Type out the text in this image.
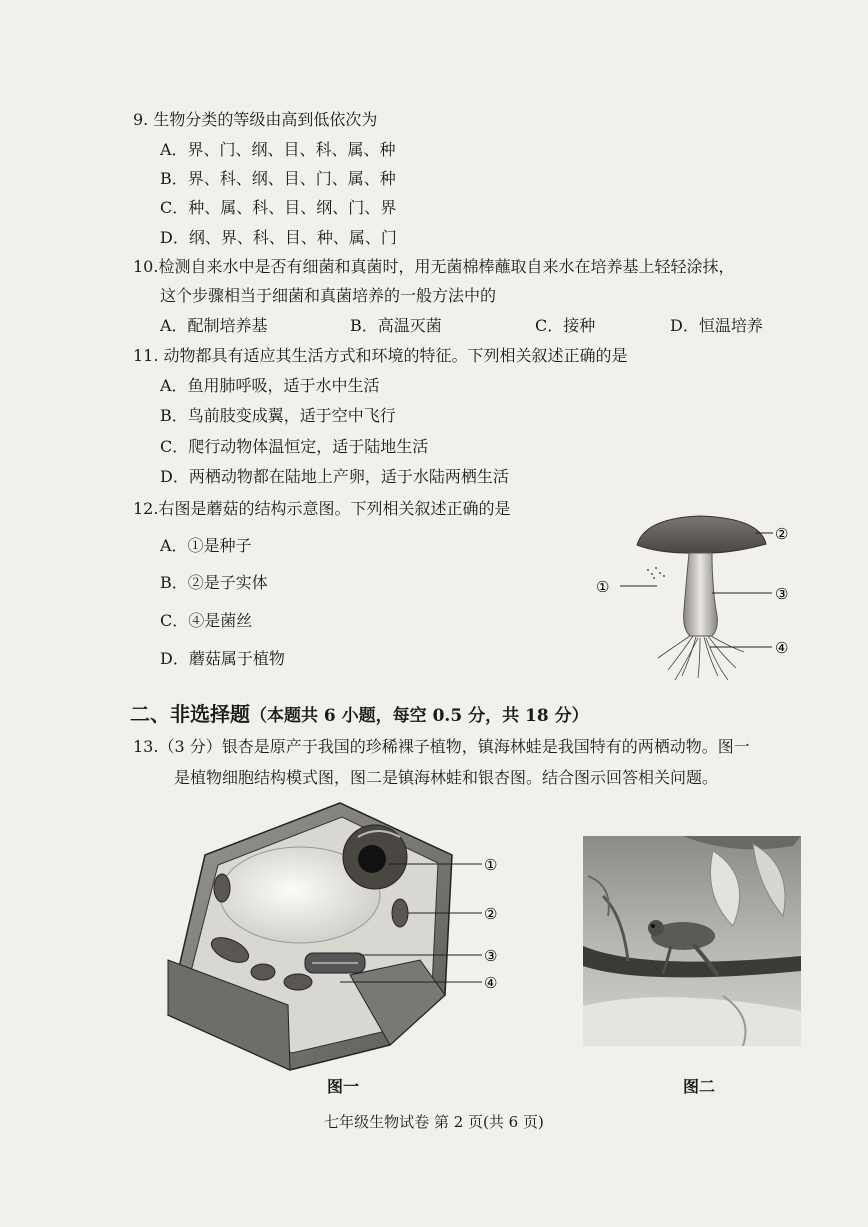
9. 生物分类的等级由高到低依次为
A．界、门、纲、目、科、属、种
B．界、科、纲、目、门、属、种
C．种、属、科、目、纲、门、界
D．纲、界、科、目、种、属、门
10.检测自来水中是否有细菌和真菌时，用无菌棉棒蘸取自来水在培养基上轻轻涂抹，
这个步骤相当于细菌和真菌培养的一般方法中的
A．配制培养基	B．高温灭菌	C．接种	D．恒温培养
11. 动物都具有适应其生活方式和环境的特征。下列相关叙述正确的是
A．鱼用肺呼吸，适于水中生活
B．鸟前肢变成翼，适于空中飞行
C．爬行动物体温恒定，适于陆地生活
D．两栖动物都在陆地上产卵，适于水陆两栖生活
12.右图是蘑菇的结构示意图。下列相关叙述正确的是
A．①是种子
B．②是子实体
C．④是菌丝
D．蘑菇属于植物
①
②
③
④
二、非选择题（本题共 6 小题，每空 0.5 分，共 18 分）
13.（3 分）银杏是原产于我国的珍稀裸子植物，镇海林蛙是我国特有的两栖动物。图一
是植物细胞结构模式图，图二是镇海林蛙和银杏图。结合图示回答相关问题。
①
②
③
④
图一	图二
七年级生物试卷 第 2 页(共 6 页)
